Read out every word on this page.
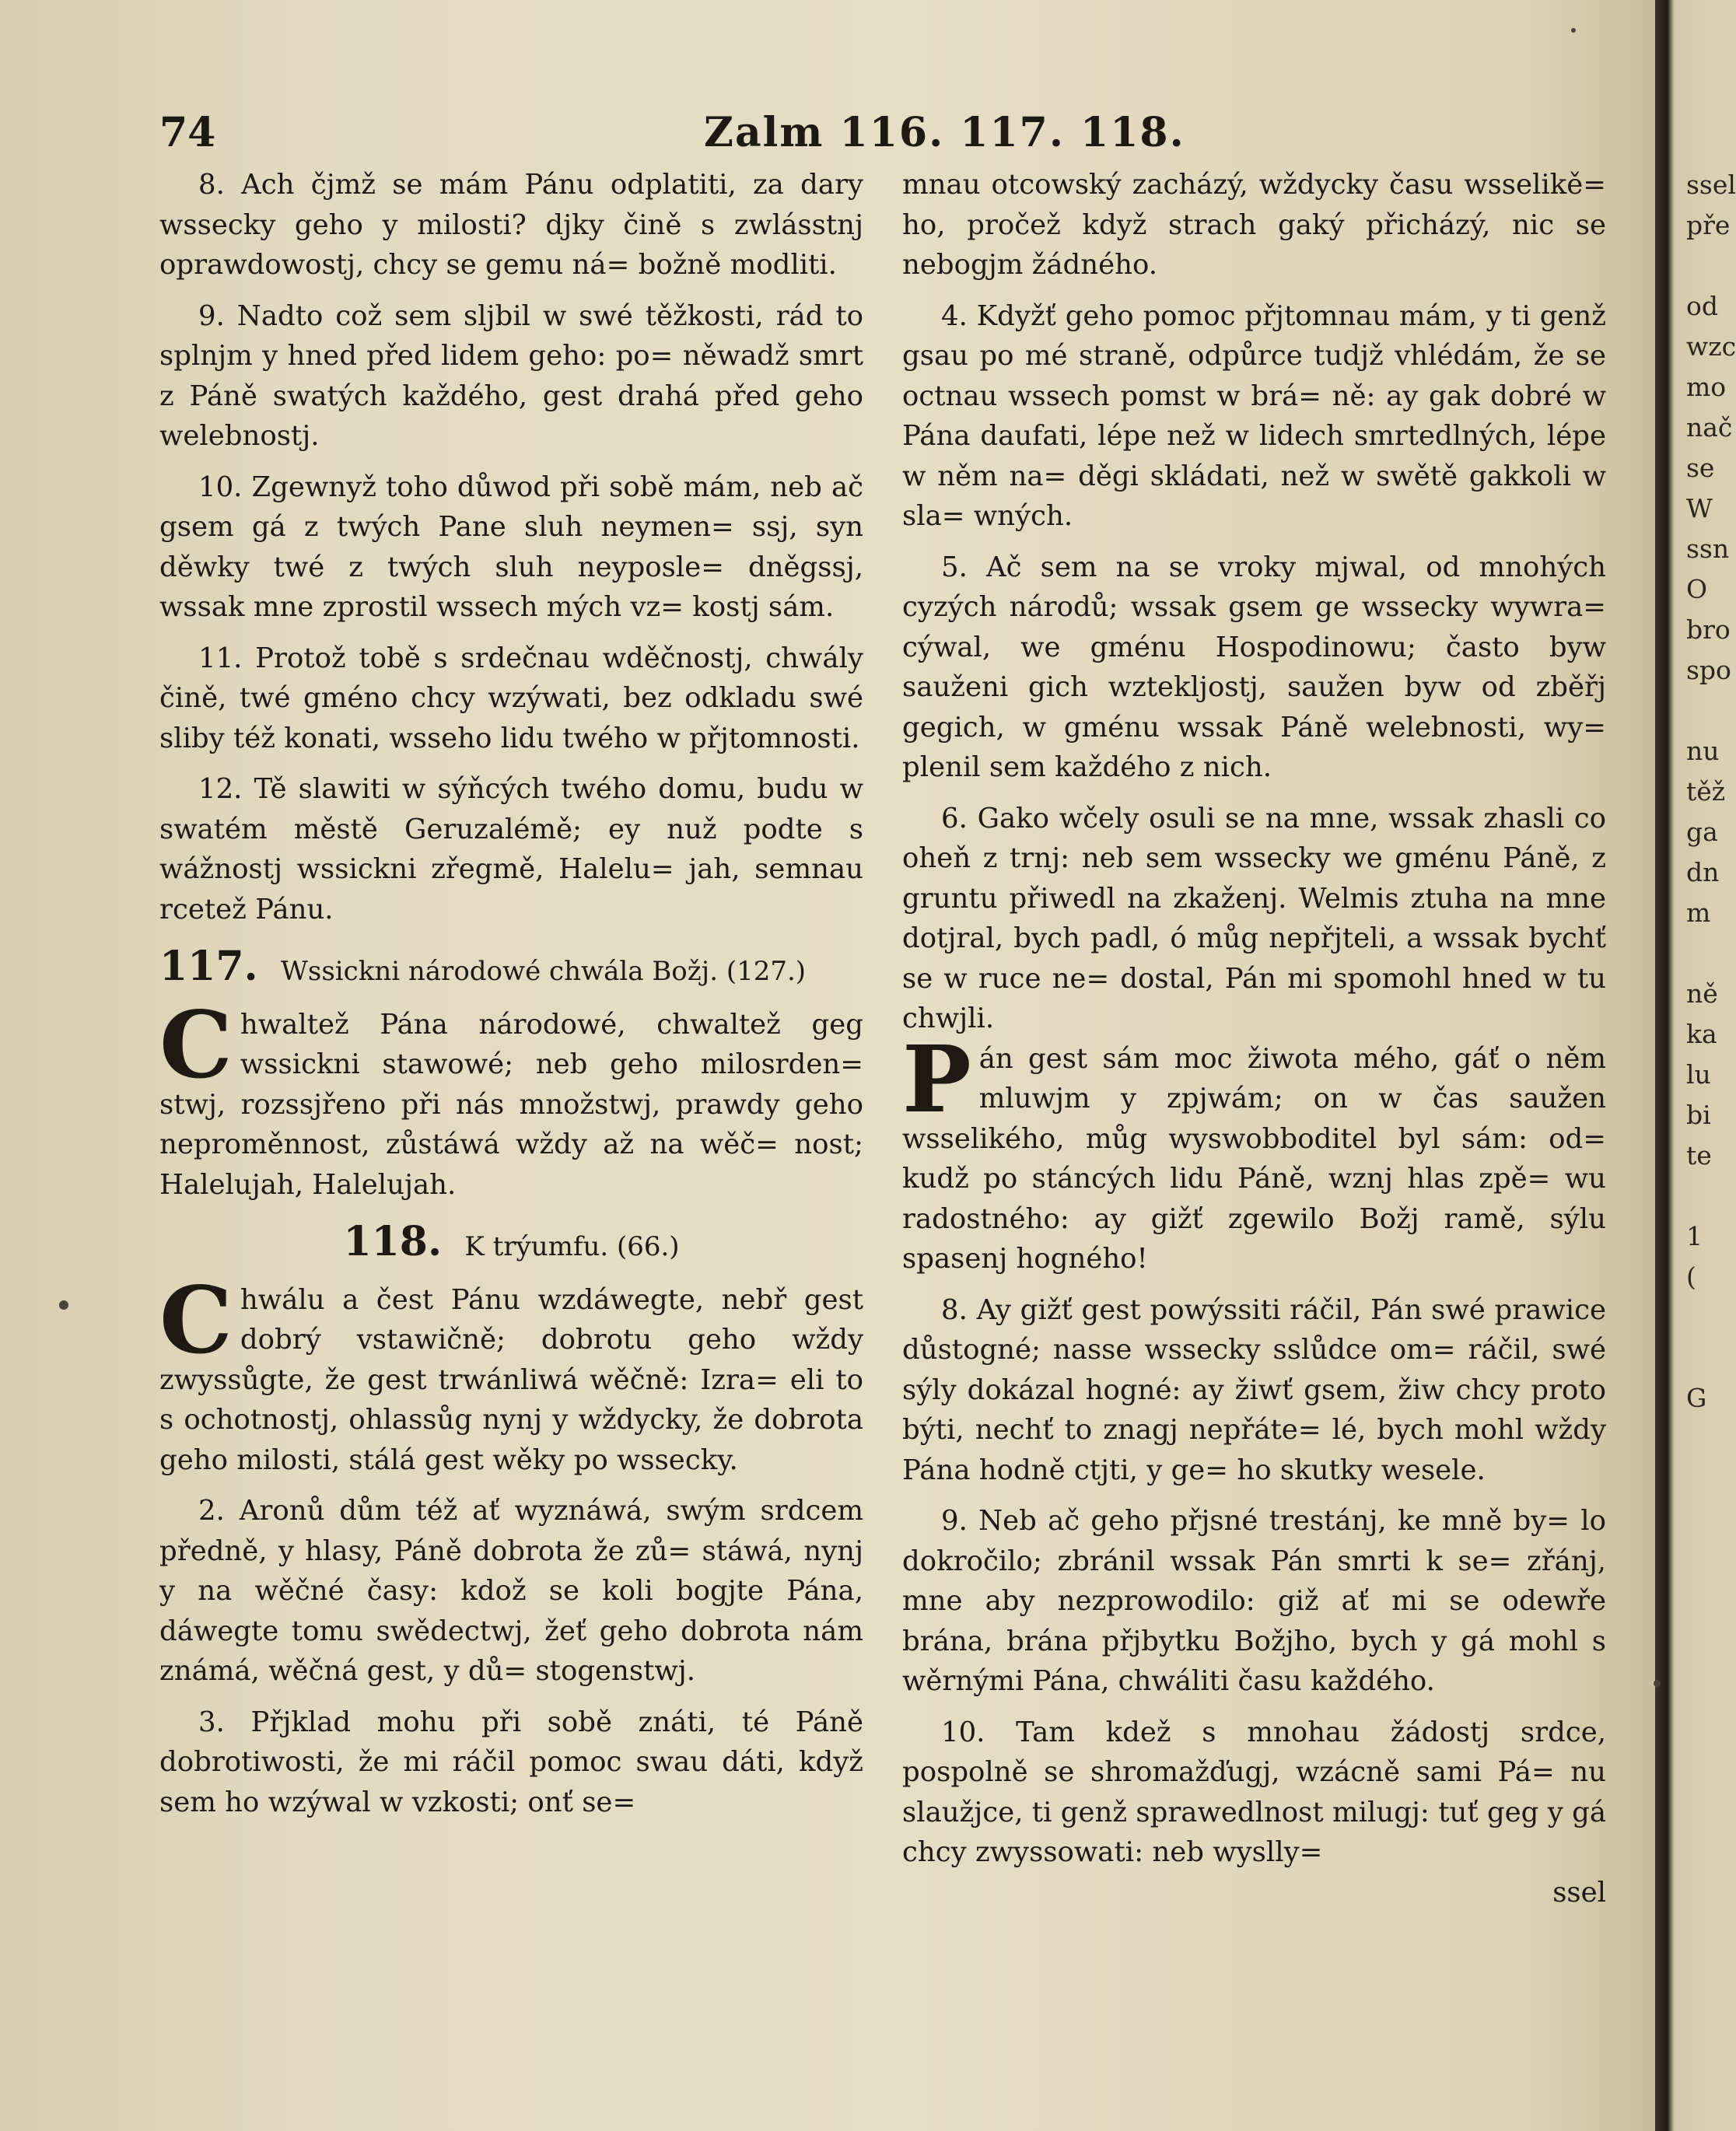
74	Zalm 116. 117. 118.

8. Ach čjmž se mám Pánu odplatiti, za dary wssecky geho y milosti? djky čině s zwlásstnj oprawdowostj, chcy se gemu ná= božně modliti.

9. Nadto což sem sljbil w swé těžkosti, rád to splnjm y hned před lidem geho: po= něwadž smrt z Páně swatých každého, gest drahá před geho welebnostj.

10. Zgewnyž toho důwod při sobě mám, neb ač gsem gá z twých Pane sluh neymen= ssj, syn děwky twé z twých sluh neyposle= dněgssj, wssak mne zprostil wssech mých vz= kostj sám.

11. Protož tobě s srdečnau wděčnostj, chwály čině, twé gméno chcy wzýwati, bez odkladu swé sliby též konati, wsseho lidu twého w přjtomnosti.

12. Tě slawiti w sýňcých twého domu, budu w swatém městě Geruzalémě; ey nuž podte s wážnostj wssickni zřegmě, Halelu= jah, semnau rcetež Pánu.

117. Wssickni národowé chwála Božj. (127.)

Chwaltež Pána národowé, chwaltež geg wssickni stawowé; neb geho milosrden= stwj, rozssjřeno při nás množstwj, prawdy geho neproměnnost, zůstáwá wždy až na wěč= nost; Halelujah, Halelujah.

118. K trýumfu. (66.)

Chwálu a čest Pánu wzdáwegte, nebř gest dobrý vstawičně; dobrotu geho wždy zwyssůgte, že gest trwánliwá wěčně: Izra= eli to s ochotnostj, ohlassůg nynj y wždycky, že dobrota geho milosti, stálá gest wěky po wssecky.

2. Aronů dům též ať wyznáwá, swým srdcem předně, y hlasy, Páně dobrota že zů= stáwá, nynj y na wěčné časy: kdož se koli bogjte Pána, dáwegte tomu swědectwj, žeť geho dobrota nám známá, wěčná gest, y dů= stogenstwj.

3. Přjklad mohu při sobě znáti, té Páně dobrotiwosti, že mi ráčil pomoc swau dáti, když sem ho wzýwal w vzkosti; onť se=

mnau otcowský zacházý, wždycky času wsselikě= ho, pročež když strach gaký přicházý, nic se nebogjm žádného.

4. Kdyžť geho pomoc přjtomnau mám, y ti genž gsau po mé straně, odpůrce tudjž vhlédám, že se octnau wssech pomst w brá= ně: ay gak dobré w Pána daufati, lépe než w lidech smrtedlných, lépe w něm na= děgi skládati, než w swětě gakkoli w sla= wných.

5. Ač sem na se vroky mjwal, od mnohých cyzých národů; wssak gsem ge wssecky wywra= cýwal, we gménu Hospodinowu; často byw sauženi gich wztekljostj, saužen byw od zběřj gegich, w gménu wssak Páně welebnosti, wy= plenil sem každého z nich.

6. Gako wčely osuli se na mne, wssak zhasli co oheň z trnj: neb sem wssecky we gménu Páně, z gruntu přiwedl na zkaženj. Welmis ztuha na mne dotjral, bych padl, ó můg nepřjteli, a wssak bychť se w ruce ne= dostal, Pán mi spomohl hned w tu chwjli.

Pán gest sám moc žiwota mého, gáť o něm mluwjm y zpjwám; on w čas saužen wsselikého, můg wyswobboditel byl sám: od= kudž po stáncých lidu Páně, wznj hlas zpě= wu radostného: ay gižť zgewilo Božj ramě, sýlu spasenj hogného!

8. Ay gižť gest powýssiti ráčil, Pán swé prawice důstogné; nasse wssecky sslůdce om= ráčil, swé sýly dokázal hogné: ay žiwť gsem, žiw chcy proto býti, nechť to znagj nepřáte= lé, bych mohl wždy Pána hodně ctjti, y ge= ho skutky wesele.

9. Neb ač geho přjsné trestánj, ke mně by= lo dokročilo; zbránil wssak Pán smrti k se= zřánj, mne aby nezprowodilo: giž ať mi se odewře brána, brána přjbytku Božjho, bych y gá mohl s wěrnými Pána, chwáliti času každého.

10. Tam kdež s mnohau žádostj srdce, pospolně se shromažďugj, wzácně sami Pá= nu slaužjce, ti genž sprawedlnost milugj: tuť geg y gá chcy zwyssowati: neb wyslly=

ssel

ssel
pře
od
wzc
mo
nač
se
W
ssn
O
bro
spo
nu
těž
ga
dn
m
ně
ka
lu
bi
te
1
(
G
